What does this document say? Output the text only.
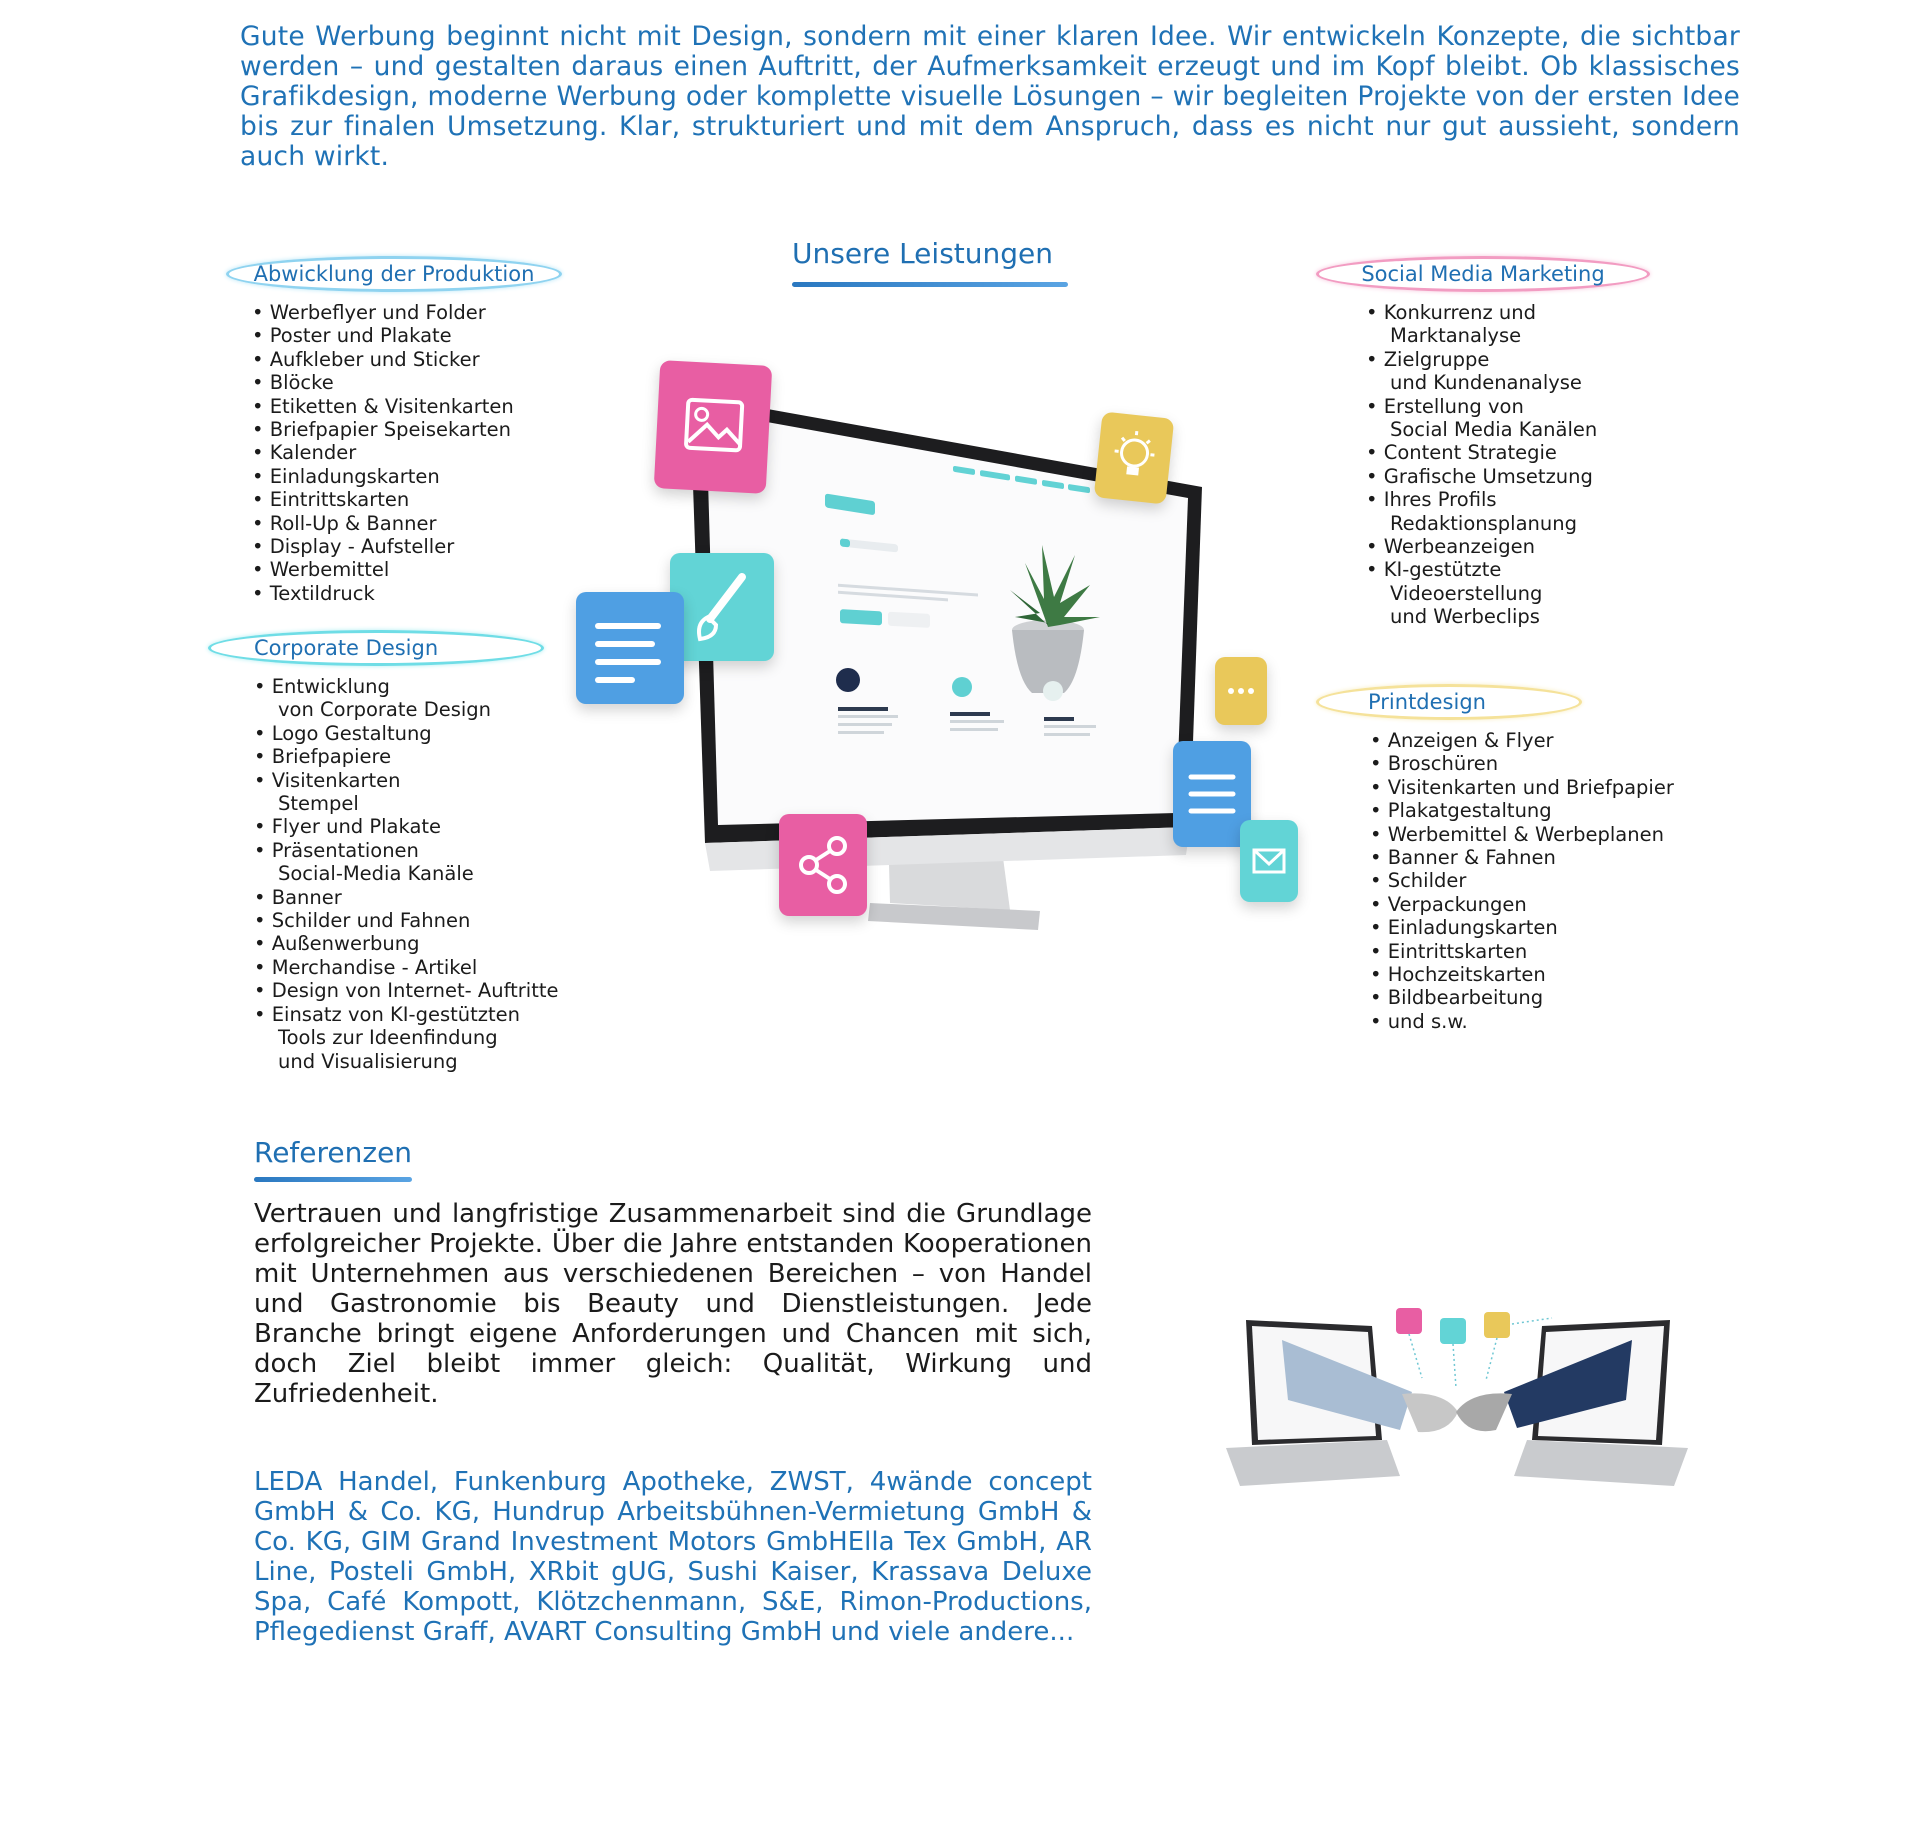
Gute Werbung beginnt nicht mit Design, sondern mit einer klaren Idee. Wir entwickeln Konzepte, die sichtbar werden – und gestalten daraus einen Auftritt, der Aufmerksamkeit erzeugt und im Kopf bleibt. Ob klassisches Grafikdesign, moderne Werbung oder komplette visuelle Lösungen – wir begleiten Projekte von der ersten Idee bis zur finalen Umsetzung. Klar, strukturiert und mit dem Anspruch, dass es nicht nur gut aussieht, sondern auch wirkt.

Unsere Leistungen
Abwicklung der Produktion
• Werbeflyer und Folder
• Poster und Plakate
• Aufkleber und Sticker
• Blöcke
• Etiketten & Visitenkarten
• Briefpapier Speisekarten
• Kalender
• Einladungskarten
• Eintrittskarten
• Roll-Up & Banner
• Display - Aufsteller
• Werbemittel
• Textildruck
Corporate Design
• Entwicklung
von Corporate Design
• Logo Gestaltung
• Briefpapiere
• Visitenkarten
Stempel
• Flyer und Plakate
• Präsentationen
Social-Media Kanäle
• Banner
• Schilder und Fahnen
• Außenwerbung
• Merchandise - Artikel
• Design von Internet- Auftritte
• Einsatz von KI-gestützten
Tools zur Ideenfindung
und Visualisierung
Social Media Marketing
• Konkurrenz und
Marktanalyse
• Zielgruppe
und Kundenanalyse
• Erstellung von
Social Media Kanälen
• Content Strategie
• Grafische Umsetzung
• Ihres Profils
Redaktionsplanung
• Werbeanzeigen
• KI-gestützte
Videoerstellung
und Werbeclips
Printdesign
• Anzeigen & Flyer
• Broschüren
• Visitenkarten und Briefpapier
• Plakatgestaltung
• Werbemittel & Werbeplanen
• Banner & Fahnen
• Schilder
• Verpackungen
• Einladungskarten
• Eintrittskarten
• Hochzeitskarten
• Bildbearbeitung
• und s.w.
Referenzen

Vertrauen und langfristige Zusammenarbeit sind die Grundlage erfolgreicher Projekte. Über die Jahre entstanden Kooperationen mit Unternehmen aus verschiedenen Bereichen – von Handel und Gastronomie bis Beauty und Dienstleistungen. Jede Branche bringt eigene Anforderungen und Chancen mit sich, doch Ziel bleibt immer gleich: Qualität, Wirkung und Zufriedenheit.

LEDA Handel, Funkenburg Apotheke, ZWST, 4wände concept GmbH & Co. KG, Hundrup Arbeitsbühnen-Vermietung GmbH & Co. KG, GIM Grand Investment Motors GmbHElla Tex GmbH, AR Line, Posteli GmbH, XRbit gUG, Sushi Kaiser, Krassava Deluxe Spa, Café Kompott, Klötzchenmann, S&E, Rimon-Productions, Pflegedienst Graff, AVART Consulting GmbH und viele andere...
